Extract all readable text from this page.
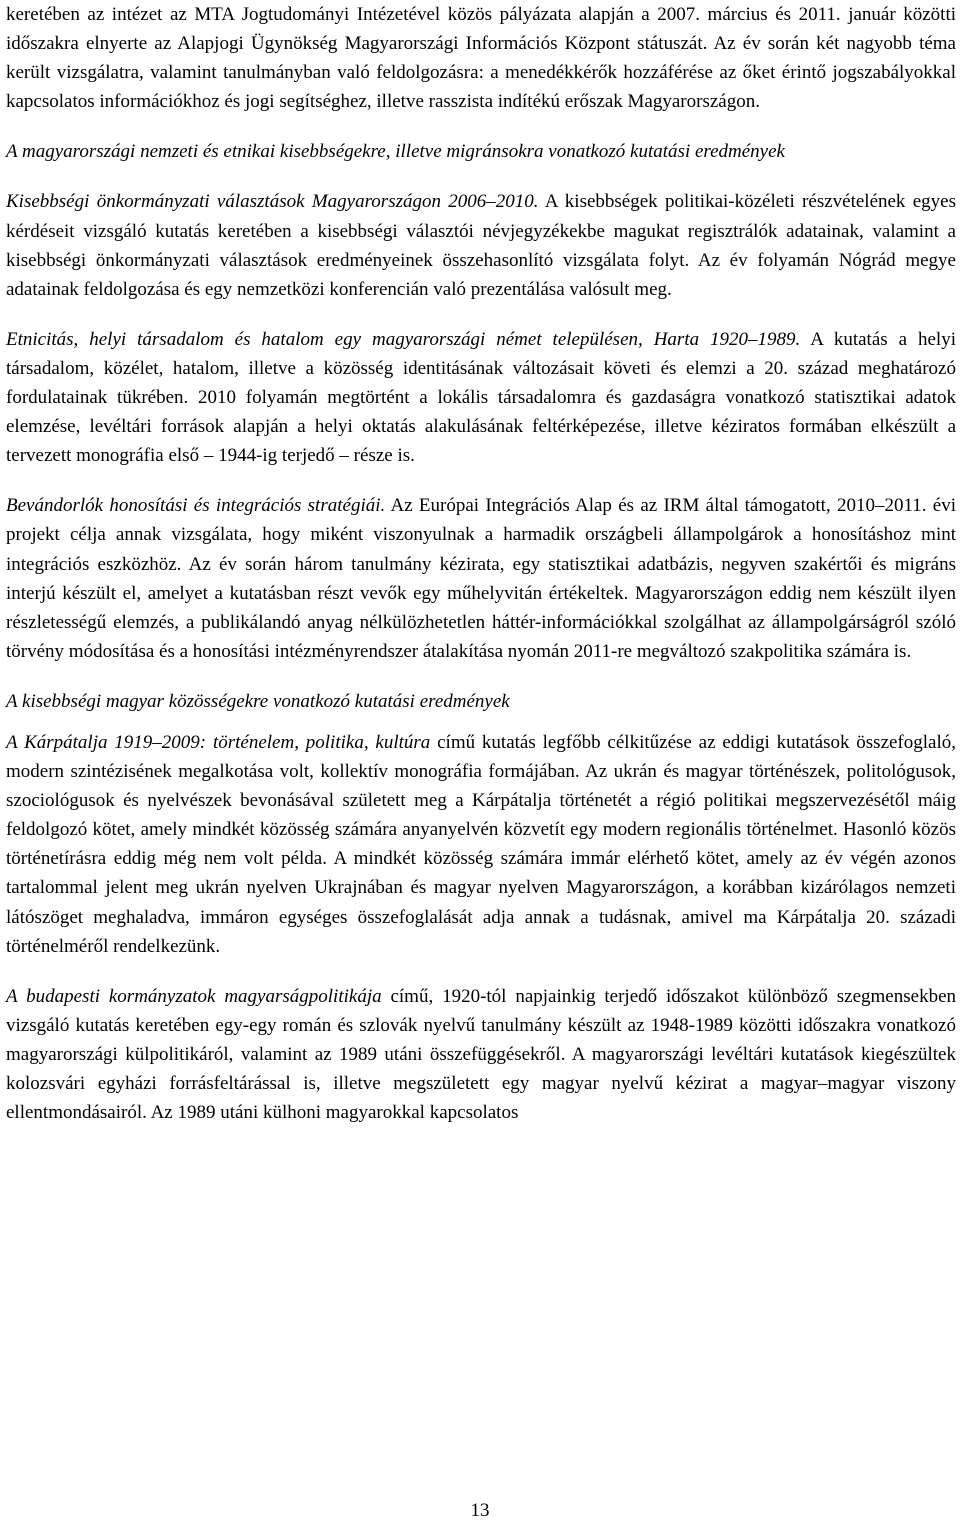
keretében az intézet az MTA Jogtudományi Intézetével közös pályázata alapján a 2007. március és 2011. január közötti időszakra elnyerte az Alapjogi Ügynökség Magyarországi Információs Központ státuszát. Az év során két nagyobb téma került vizsgálatra, valamint tanulmányban való feldolgozásra: a menedékkérők hozzáférése az őket érintő jogszabályokkal kapcsolatos információkhoz és jogi segítséghez, illetve rasszista indítékú erőszak Magyarországon.

A magyarországi nemzeti és etnikai kisebbségekre, illetve migránsokra vonatkozó kutatási eredmények

Kisebbségi önkormányzati választások Magyarországon 2006–2010. A kisebbségek politikai-közéleti részvételének egyes kérdéseit vizsgáló kutatás keretében a kisebbségi választói névjegyzékekbe magukat regisztrálók adatainak, valamint a kisebbségi önkormányzati választások eredményeinek összehasonlító vizsgálata folyt. Az év folyamán Nógrád megye adatainak feldolgozása és egy nemzetközi konferencián való prezentálása valósult meg.

Etnicitás, helyi társadalom és hatalom egy magyarországi német településen, Harta 1920–1989. A kutatás a helyi társadalom, közélet, hatalom, illetve a közösség identitásának változásait követi és elemzi a 20. század meghatározó fordulatainak tükrében. 2010 folyamán megtörtént a lokális társadalomra és gazdaságra vonatkozó statisztikai adatok elemzése, levéltári források alapján a helyi oktatás alakulásának feltérképezése, illetve kéziratos formában elkészült a tervezett monográfia első – 1944-ig terjedő – része is.

Bevándorlók honosítási és integrációs stratégiái. Az Európai Integrációs Alap és az IRM által támogatott, 2010–2011. évi projekt célja annak vizsgálata, hogy miként viszonyulnak a harmadik országbeli állampolgárok a honosításhoz mint integrációs eszközhöz. Az év során három tanulmány kézirata, egy statisztikai adatbázis, negyven szakértői és migráns interjú készült el, amelyet a kutatásban részt vevők egy műhelyvitán értékeltek. Magyarországon eddig nem készült ilyen részletességű elemzés, a publikálandó anyag nélkülözhetetlen háttér-információkkal szolgálhat az állampolgárságról szóló törvény módosítása és a honosítási intézményrendszer átalakítása nyomán 2011-re megváltozó szakpolitika számára is.

A kisebbségi magyar közösségekre vonatkozó kutatási eredmények

A Kárpátalja 1919–2009: történelem, politika, kultúra című kutatás legfőbb célkitűzése az eddigi kutatások összefoglaló, modern szintézisének megalkotása volt, kollektív monográfia formájában. Az ukrán és magyar történészek, politológusok, szociológusok és nyelvészek bevonásával született meg a Kárpátalja történetét a régió politikai megszervezésétől máig feldolgozó kötet, amely mindkét közösség számára anyanyelvén közvetít egy modern regionális történelmet. Hasonló közös történetírásra eddig még nem volt példa. A mindkét közösség számára immár elérhető kötet, amely az év végén azonos tartalommal jelent meg ukrán nyelven Ukrajnában és magyar nyelven Magyarországon, a korábban kizárólagos nemzeti látószöget meghaladva, immáron egységes összefoglalását adja annak a tudásnak, amivel ma Kárpátalja 20. századi történelméről rendelkezünk.

A budapesti kormányzatok magyarságpolitikája című, 1920-tól napjainkig terjedő időszakot különböző szegmensekben vizsgáló kutatás keretében egy-egy román és szlovák nyelvű tanulmány készült az 1948-1989 közötti időszakra vonatkozó magyarországi külpolitikáról, valamint az 1989 utáni összefüggésekről. A magyarországi levéltári kutatások kiegészültek kolozsvári egyházi forrásfeltárással is, illetve megszületett egy magyar nyelvű kézirat a magyar–magyar viszony ellentmondásairól. Az 1989 utáni külhoni magyarokkal kapcsolatos

13
